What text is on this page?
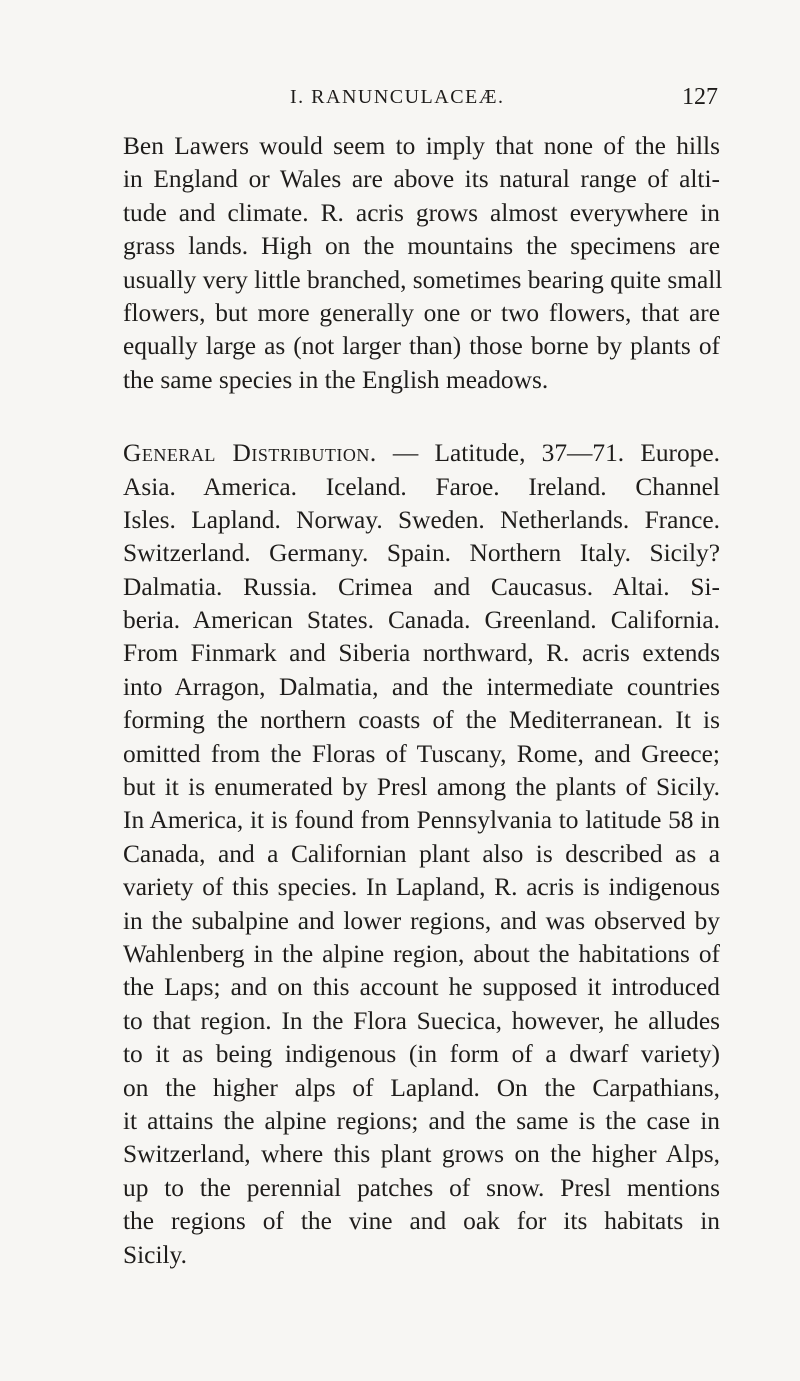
I. RANUNCULACEÆ.	127
Ben Lawers would seem to imply that none of the hills
in England or Wales are above its natural range of alti-
tude and climate. R. acris grows almost everywhere in
grass lands. High on the mountains the specimens are
usually very little branched, sometimes bearing quite small
flowers, but more generally one or two flowers, that are
equally large as (not larger than) those borne by plants of
the same species in the English meadows.
General Distribution. — Latitude, 37—71. Europe.
Asia. America. Iceland. Faroe. Ireland. Channel
Isles. Lapland. Norway. Sweden. Netherlands. France.
Switzerland. Germany. Spain. Northern Italy. Sicily?
Dalmatia. Russia. Crimea and Caucasus. Altai. Si-
beria. American States. Canada. Greenland. California.
From Finmark and Siberia northward, R. acris extends
into Arragon, Dalmatia, and the intermediate countries
forming the northern coasts of the Mediterranean. It is
omitted from the Floras of Tuscany, Rome, and Greece;
but it is enumerated by Presl among the plants of Sicily.
In America, it is found from Pennsylvania to latitude 58 in
Canada, and a Californian plant also is described as a
variety of this species. In Lapland, R. acris is indigenous
in the subalpine and lower regions, and was observed by
Wahlenberg in the alpine region, about the habitations of
the Laps; and on this account he supposed it introduced
to that region. In the Flora Suecica, however, he alludes
to it as being indigenous (in form of a dwarf variety)
on the higher alps of Lapland. On the Carpathians,
it attains the alpine regions; and the same is the case in
Switzerland, where this plant grows on the higher Alps,
up to the perennial patches of snow. Presl mentions
the regions of the vine and oak for its habitats in
Sicily.
